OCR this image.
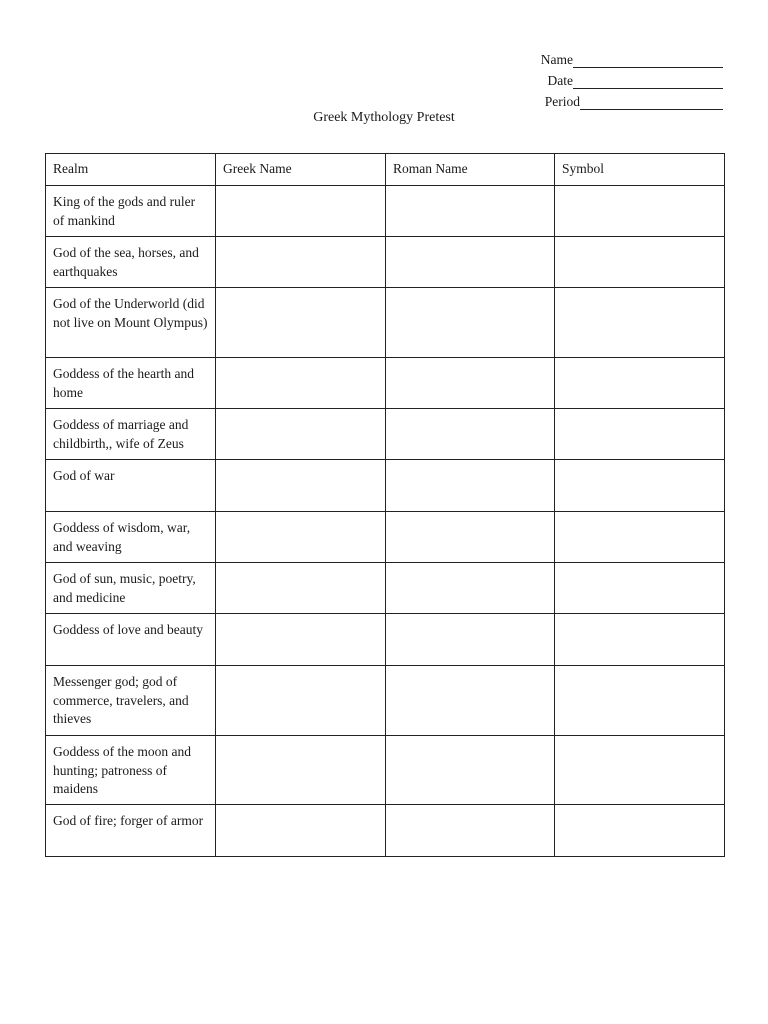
Name
Date
Period
Greek Mythology Pretest
Realm	Greek Name	Roman Name	Symbol
King of the gods and ruler of mankind			
God of the sea, horses, and earthquakes			
God of the Underworld (did not live on Mount Olympus)			
Goddess of the hearth and home			
Goddess of marriage and childbirth,, wife of Zeus			
God of war			
Goddess of wisdom, war, and weaving			
God of sun, music, poetry, and medicine			
Goddess of love and beauty			
Messenger god; god of commerce, travelers, and thieves			
Goddess of the moon and hunting; patroness of maidens			
God of fire; forger of armor			
